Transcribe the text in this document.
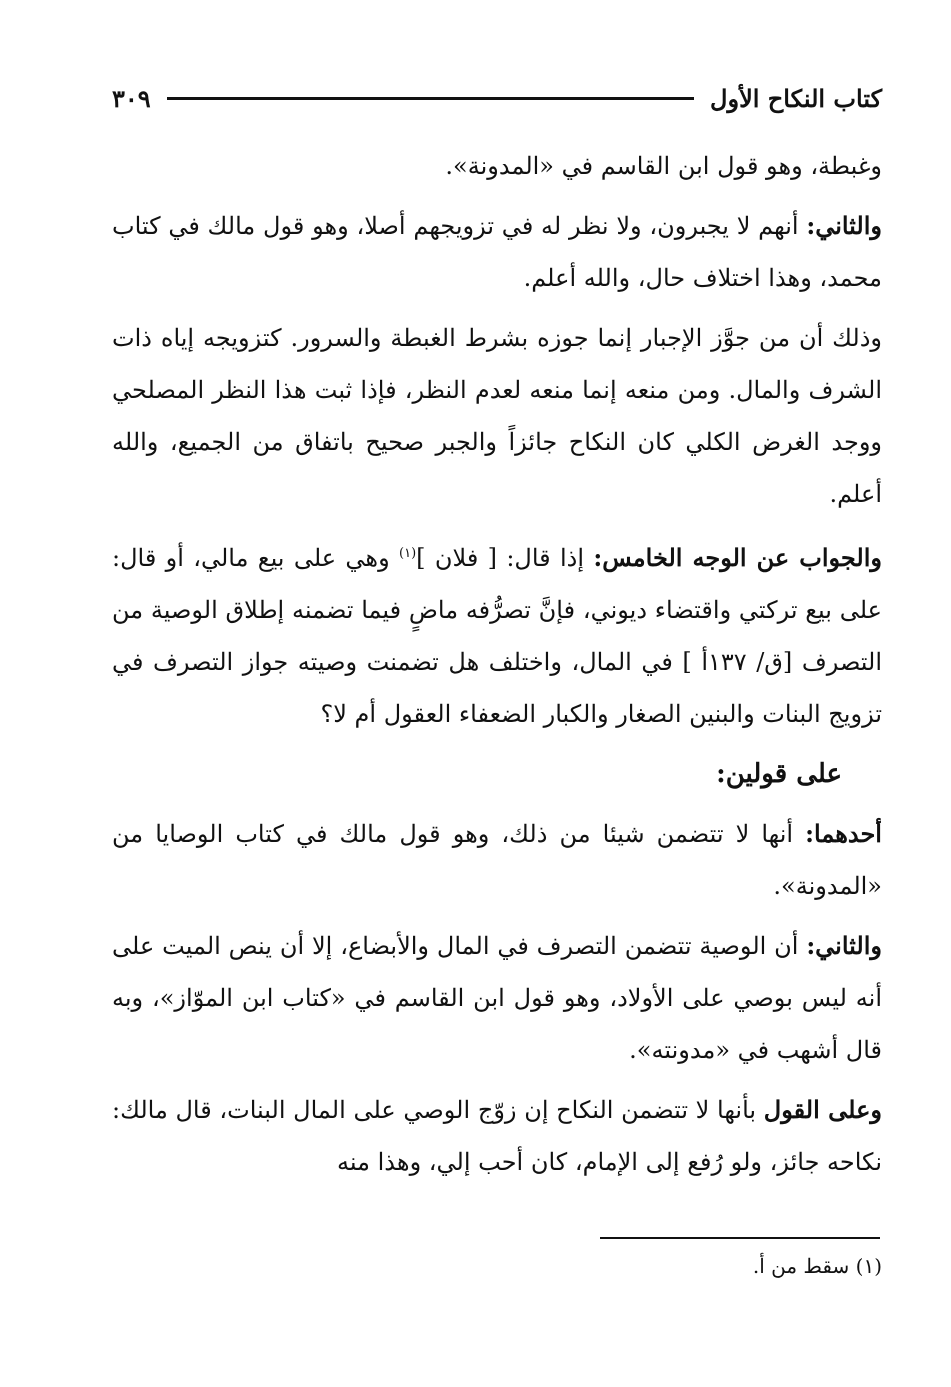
كتاب النكاح الأول
٣٠٩

وغبطة، وهو قول ابن القاسم في «المدونة».

والثاني: أنهم لا يجبرون، ولا نظر له في تزويجهم أصلا، وهو قول مالك في كتاب محمد، وهذا اختلاف حال، والله أعلم.

وذلك أن من جوَّز الإجبار إنما جوزه بشرط الغبطة والسرور. كتزويجه إياه ذات الشرف والمال. ومن منعه إنما منعه لعدم النظر، فإذا ثبت هذا النظر المصلحي ووجد الغرض الكلي كان النكاح جائزاً والجبر صحيح باتفاق من الجميع، والله أعلم.

والجواب عن الوجه الخامس: إذا قال: [ فلان ]$^{(١)}$ وهي على بيع مالي، أو قال: على بيع تركتي واقتضاء ديوني، فإنَّ تصرُّفه ماضٍ فيما تضمنه إطلاق الوصية من التصرف [ق/ ١٣٧أ ] في المال، واختلف هل تضمنت وصيته جواز التصرف في تزويج البنات والبنين الصغار والكبار الضعفاء العقول أم لا؟

على قولين:

أحدهما: أنها لا تتضمن شيئا من ذلك، وهو قول مالك في كتاب الوصايا من «المدونة».

والثاني: أن الوصية تتضمن التصرف في المال والأبضاع، إلا أن ينص الميت على أنه ليس بوصي على الأولاد، وهو قول ابن القاسم في «كتاب ابن الموّاز»، وبه قال أشهب في «مدونته».

وعلى القول بأنها لا تتضمن النكاح إن زوّج الوصي على المال البنات، قال مالك: نكاحه جائز، ولو رُفع إلى الإمام، كان أحب إلي، وهذا منه

(١) سقط من أ.
